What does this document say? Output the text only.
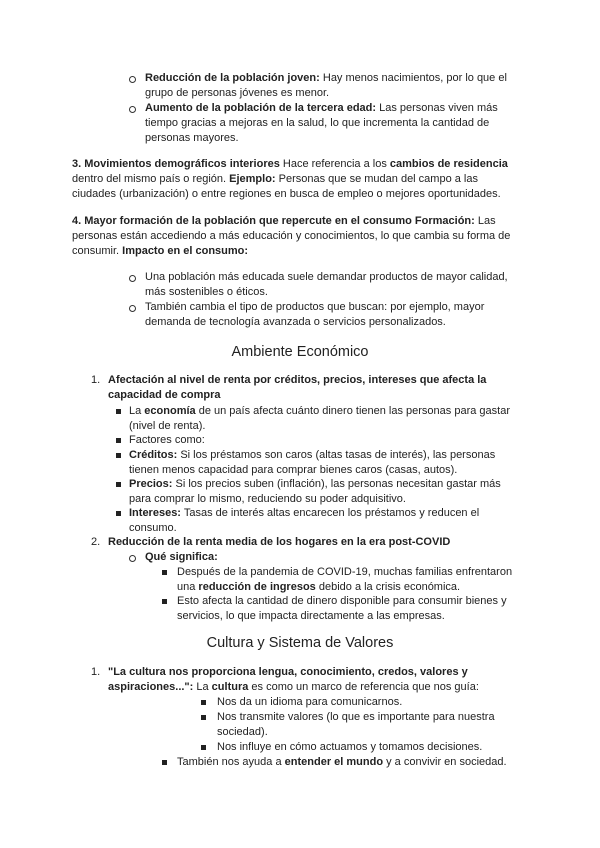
Reducción de la población joven: Hay menos nacimientos, por lo que el
grupo de personas jóvenes es menor.
Aumento de la población de la tercera edad: Las personas viven más
tiempo gracias a mejoras en la salud, lo que incrementa la cantidad de
personas mayores.
3. Movimientos demográficos interiores Hace referencia a los cambios de residencia
dentro del mismo país o región. Ejemplo: Personas que se mudan del campo a las
ciudades (urbanización) o entre regiones en busca de empleo o mejores oportunidades.
4. Mayor formación de la población que repercute en el consumo Formación: Las
personas están accediendo a más educación y conocimientos, lo que cambia su forma de
consumir. Impacto en el consumo:
Una población más educada suele demandar productos de mayor calidad,
más sostenibles o éticos.
También cambia el tipo de productos que buscan: por ejemplo, mayor
demanda de tecnología avanzada o servicios personalizados.
Ambiente Económico
1. Afectación al nivel de renta por créditos, precios, intereses que afecta la
capacidad de compra
La economía de un país afecta cuánto dinero tienen las personas para gastar
(nivel de renta).
Factores como:
Créditos: Si los préstamos son caros (altas tasas de interés), las personas
tienen menos capacidad para comprar bienes caros (casas, autos).
Precios: Si los precios suben (inflación), las personas necesitan gastar más
para comprar lo mismo, reduciendo su poder adquisitivo.
Intereses: Tasas de interés altas encarecen los préstamos y reducen el
consumo.
2. Reducción de la renta media de los hogares en la era post-COVID
Qué significa:
Después de la pandemia de COVID-19, muchas familias enfrentaron
una reducción de ingresos debido a la crisis económica.
Esto afecta la cantidad de dinero disponible para consumir bienes y
servicios, lo que impacta directamente a las empresas.
Cultura y Sistema de Valores
1. "La cultura nos proporciona lengua, conocimiento, credos, valores y
aspiraciones...": La cultura es como un marco de referencia que nos guía:
Nos da un idioma para comunicarnos.
Nos transmite valores (lo que es importante para nuestra
sociedad).
Nos influye en cómo actuamos y tomamos decisiones.
También nos ayuda a entender el mundo y a convivir en sociedad.
